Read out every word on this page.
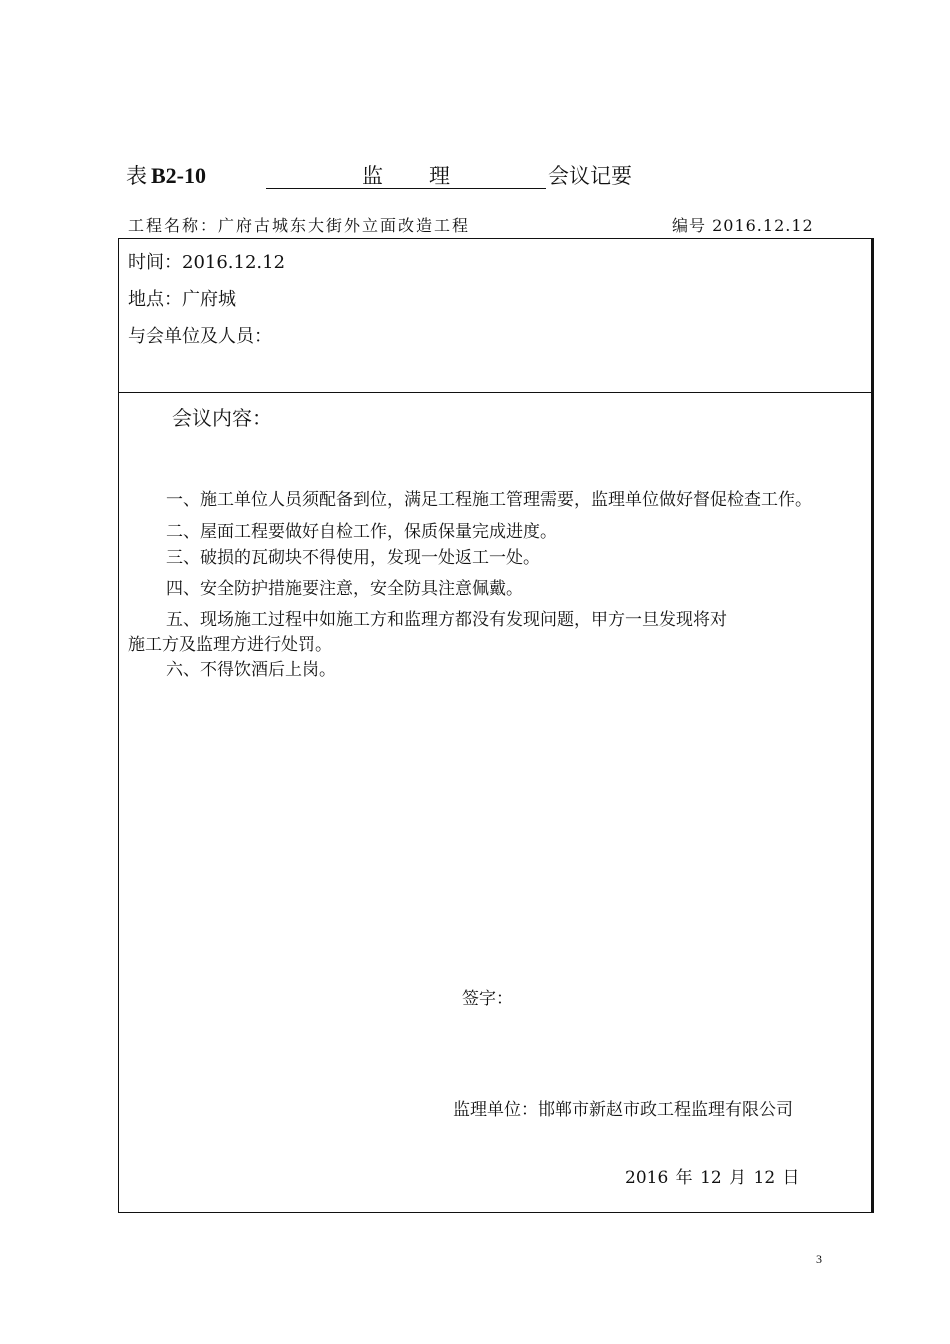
表 B2-10	监 理	会议记要
工程名称：广府古城东大街外立面改造工程	编号 2016.12.12
时间：2016.12.12
地点：广府城
与会单位及人员：
会议内容：
一、施工单位人员须配备到位，满足工程施工管理需要，监理单位做好督促检查工作。
二、屋面工程要做好自检工作，保质保量完成进度。
三、破损的瓦砌块不得使用，发现一处返工一处。
四、安全防护措施要注意，安全防具注意佩戴。
五、现场施工过程中如施工方和监理方都没有发现问题，甲方一旦发现将对
施工方及监理方进行处罚。
六、不得饮酒后上岗。
签字：
监理单位：邯郸市新赵市政工程监理有限公司
2016 年 12 月 12 日
3
